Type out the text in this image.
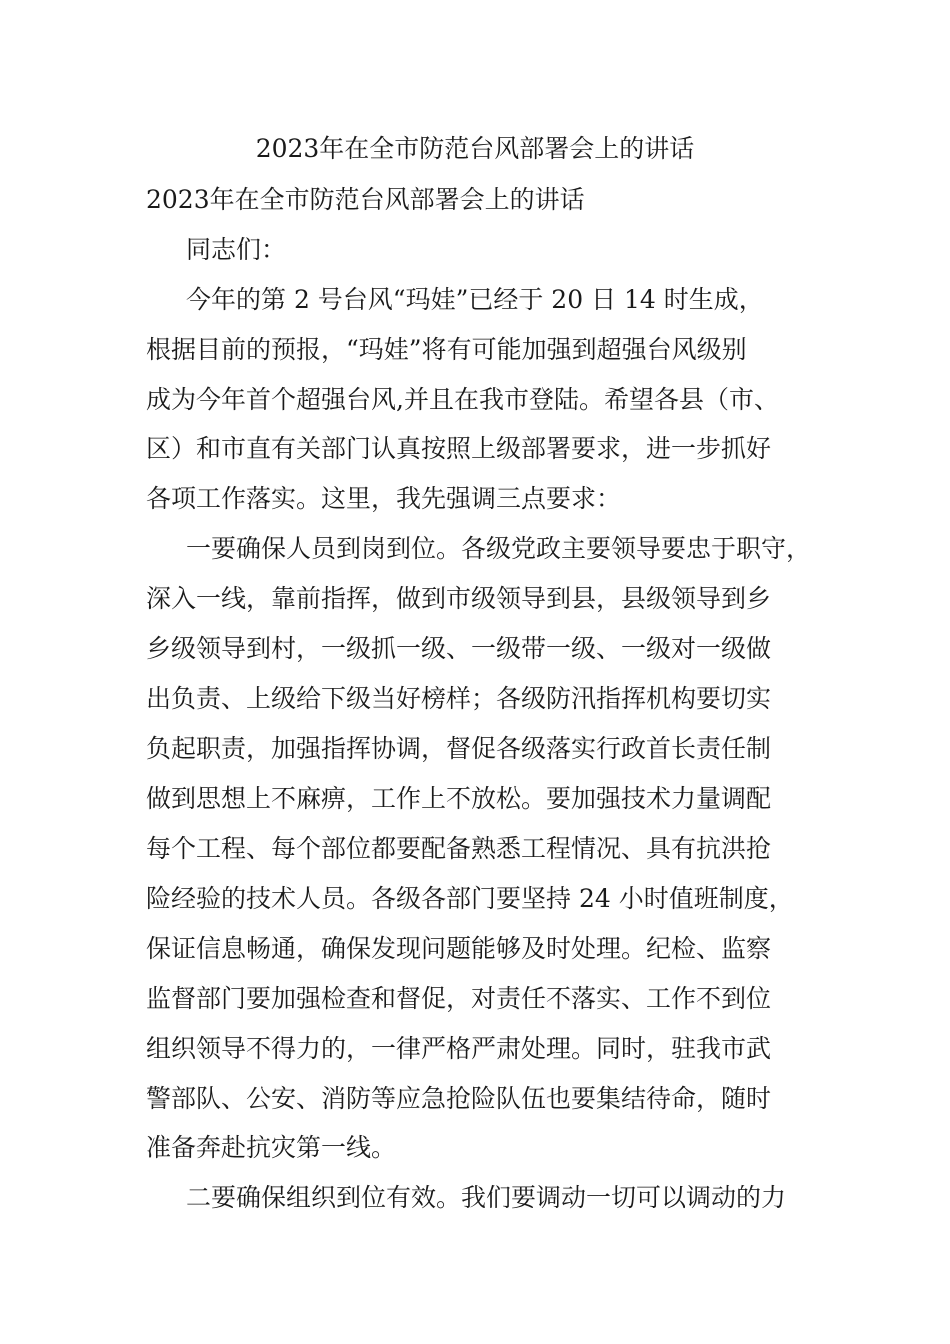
2023年在全市防范台风部署会上的讲话
2023年在全市防范台风部署会上的讲话
同志们：
今年的第 2 号台风“玛娃”已经于 20 日 14 时生成，
根据目前的预报，“玛娃”将有可能加强到超强台风级别
成为今年首个超强台风,并且在我市登陆。希望各县（市、
区）和市直有关部门认真按照上级部署要求，进一步抓好
各项工作落实。这里，我先强调三点要求：
一要确保人员到岗到位。各级党政主要领导要忠于职守，
深入一线，靠前指挥，做到市级领导到县，县级领导到乡
乡级领导到村，一级抓一级、一级带一级、一级对一级做
出负责、上级给下级当好榜样；各级防汛指挥机构要切实
负起职责，加强指挥协调，督促各级落实行政首长责任制
做到思想上不麻痹，工作上不放松。要加强技术力量调配
每个工程、每个部位都要配备熟悉工程情况、具有抗洪抢
险经验的技术人员。各级各部门要坚持 24 小时值班制度，
保证信息畅通，确保发现问题能够及时处理。纪检、监察
监督部门要加强检查和督促，对责任不落实、工作不到位
组织领导不得力的，一律严格严肃处理。同时，驻我市武
警部队、公安、消防等应急抢险队伍也要集结待命，随时
准备奔赴抗灾第一线。
二要确保组织到位有效。我们要调动一切可以调动的力
